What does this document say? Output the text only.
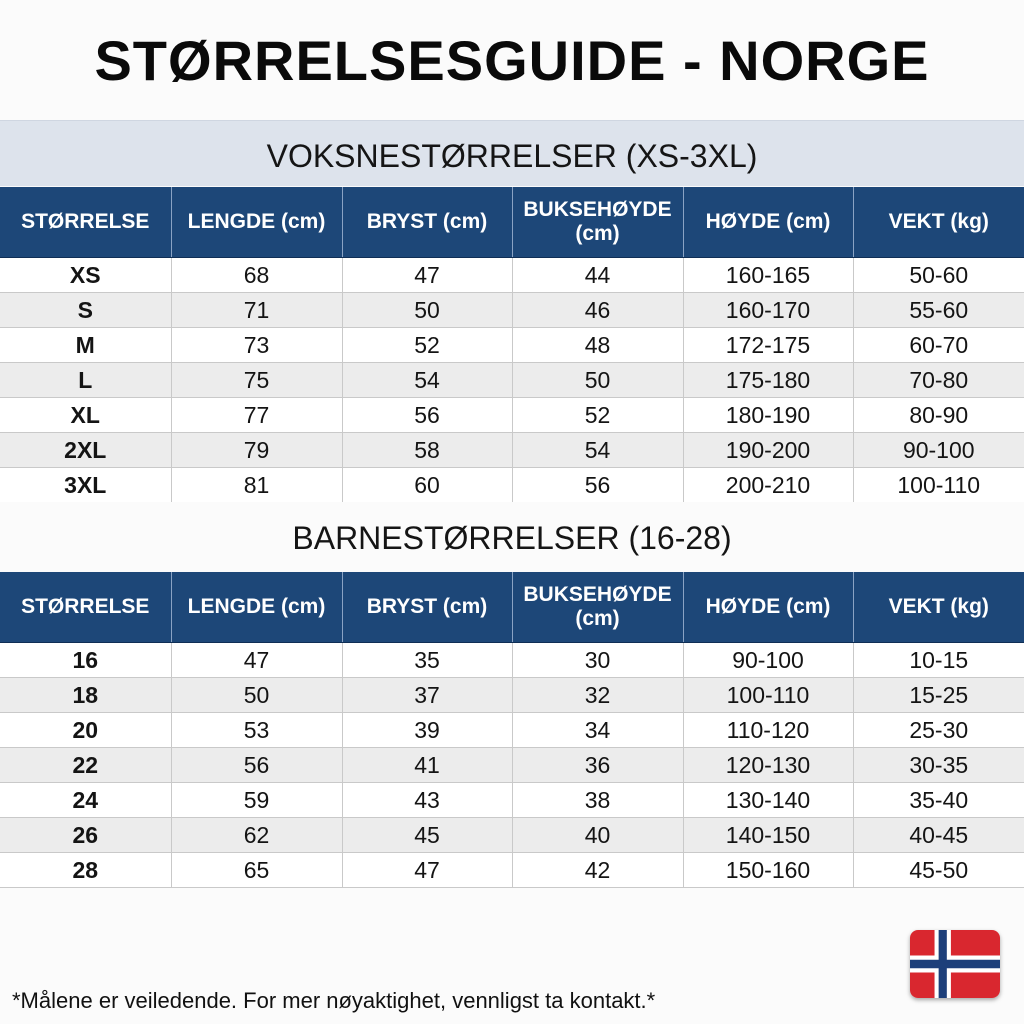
STØRRELSESGUIDE - NORGE
VOKSNESTØRRELSER (XS-3XL)
STØRRELSE	LENGDE (cm)	BRYST (cm)	BUKSEHØYDE (cm)	HØYDE (cm)	VEKT (kg)
XS	68	47	44	160-165	50-60
S	71	50	46	160-170	55-60
M	73	52	48	172-175	60-70
L	75	54	50	175-180	70-80
XL	77	56	52	180-190	80-90
2XL	79	58	54	190-200	90-100
3XL	81	60	56	200-210	100-110
BARNESTØRRELSER (16-28)
STØRRELSE	LENGDE (cm)	BRYST (cm)	BUKSEHØYDE (cm)	HØYDE (cm)	VEKT (kg)
16	47	35	30	90-100	10-15
18	50	37	32	100-110	15-25
20	53	39	34	110-120	25-30
22	56	41	36	120-130	30-35
24	59	43	38	130-140	35-40
26	62	45	40	140-150	40-45
28	65	47	42	150-160	45-50
*Målene er veiledende. For mer nøyaktighet, vennligst ta kontakt.*
